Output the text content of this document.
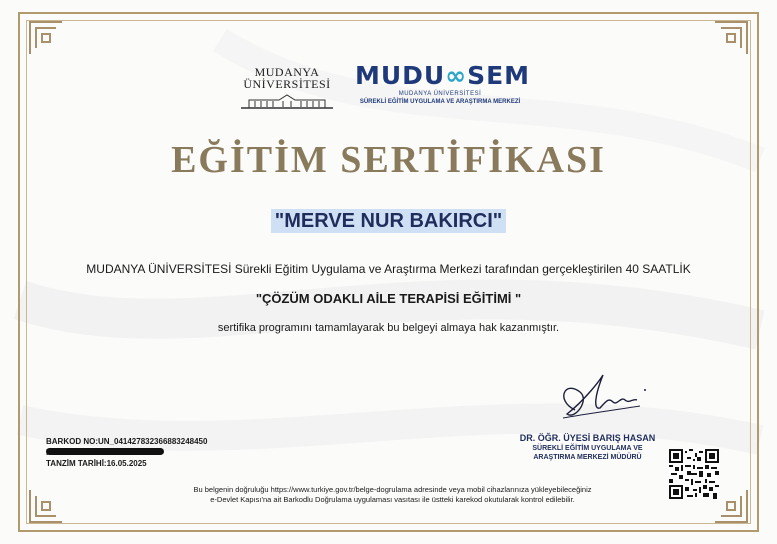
MUDANYA
ÜNİVERSİTESİ MUDU∞SEM
MUDANYA ÜNİVERSİTESİ
SÜREKLİ EĞİTİM UYGULAMA VE ARAŞTIRMA MERKEZİ
EĞİTİM SERTİFİKASI
"MERVE NUR BAKIRCI"
MUDANYA ÜNİVERSİTESİ Sürekli Eğitim Uygulama ve Araştırma Merkezi tarafından gerçekleştirilen 40 SAATLİK
"ÇÖZÜM ODAKLI AİLE TERAPİSİ EĞİTİMİ "
sertifika programını tamamlayarak bu belgeyi almaya hak kazanmıştır.
BARKOD NO:UN_041427832366883248450
TANZİM TARİHİ:16.05.2025
DR. ÖĞR. ÜYESİ BARIŞ HASAN
SÜREKLİ EĞİTİM UYGULAMA VE
ARAŞTIRMA MERKEZİ MÜDÜRÜ
Bu belgenin doğruluğu https://www.turkiye.gov.tr/belge-dogrulama adresinde veya mobil cihazlarınıza yükleyebileceğiniz
e-Devlet Kapısı'na ait Barkodlu Doğrulama uygulaması vasıtası ile üstteki karekod okutularak kontrol edilebilir.
